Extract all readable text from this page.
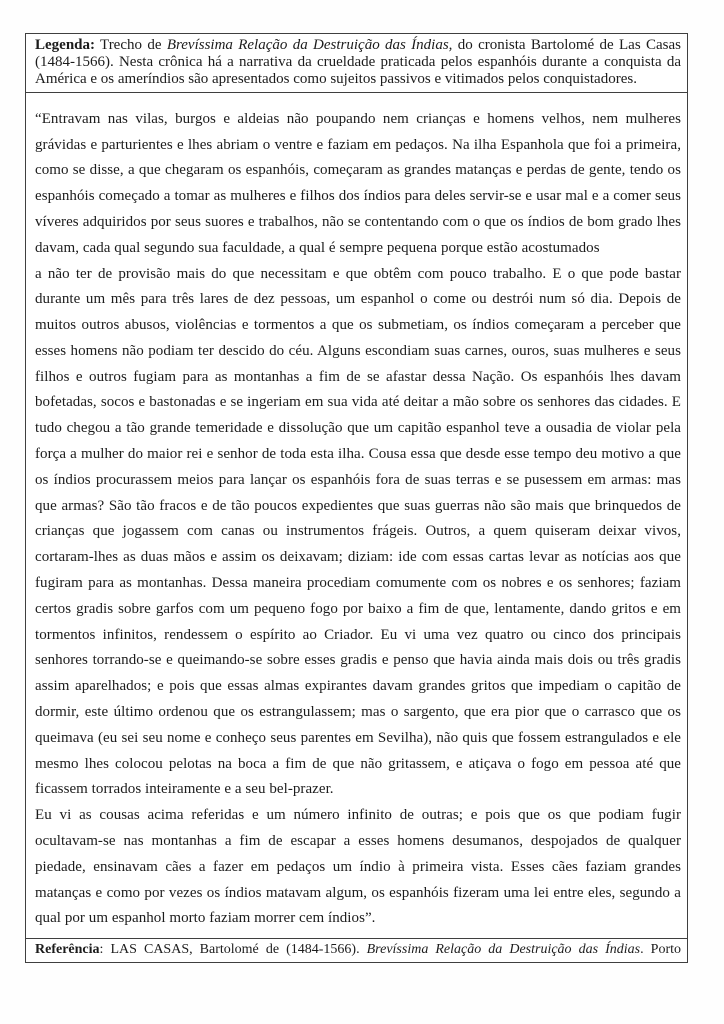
Legenda: Trecho de Brevíssima Relação da Destruição das Índias, do cronista Bartolomé de Las Casas (1484-1566). Nesta crônica há a narrativa da crueldade praticada pelos espanhóis durante a conquista da América e os ameríndios são apresentados como sujeitos passivos e vitimados pelos conquistadores.

“Entravam nas vilas, burgos e aldeias não poupando nem crianças e homens velhos, nem mulheres grávidas e parturientes e lhes abriam o ventre e faziam em pedaços. Na ilha Espanhola que foi a primeira, como se disse, a que chegaram os espanhóis, começaram as grandes matanças e perdas de gente, tendo os espanhóis começado a tomar as mulheres e filhos dos índios para deles servir-se e usar mal e a comer seus víveres adquiridos por seus suores e trabalhos, não se contentando com o que os índios de bom grado lhes davam, cada qual segundo sua faculdade, a qual é sempre pequena porque estão acostumados

a não ter de provisão mais do que necessitam e que obtêm com pouco trabalho. E o que pode bastar durante um mês para três lares de dez pessoas, um espanhol o come ou destrói num só dia. Depois de muitos outros abusos, violências e tormentos a que os submetiam, os índios começaram a perceber que esses homens não podiam ter descido do céu. Alguns escondiam suas carnes, ouros, suas mulheres e seus filhos e outros fugiam para as montanhas a fim de se afastar dessa Nação. Os espanhóis lhes davam bofetadas, socos e bastonadas e se ingeriam em sua vida até deitar a mão sobre os senhores das cidades. E tudo chegou a tão grande temeridade e dissolução que um capitão espanhol teve a ousadia de violar pela força a mulher do maior rei e senhor de toda esta ilha. Cousa essa que desde esse tempo deu motivo a que os índios procurassem meios para lançar os espanhóis fora de suas terras e se pusessem em armas: mas que armas? São tão fracos e de tão poucos expedientes que suas guerras não são mais que brinquedos de crianças que jogassem com canas ou instrumentos frágeis. Outros, a quem quiseram deixar vivos, cortaram-lhes as duas mãos e assim os deixavam; diziam: ide com essas cartas levar as notícias aos que fugiram para as montanhas. Dessa maneira procediam comumente com os nobres e os senhores; faziam certos gradis sobre garfos com um pequeno fogo por baixo a fim de que, lentamente, dando gritos e em tormentos infinitos, rendessem o espírito ao Criador. Eu vi uma vez quatro ou cinco dos principais senhores torrando-se e queimando-se sobre esses gradis e penso que havia ainda mais dois ou três gradis assim aparelhados; e pois que essas almas expirantes davam grandes gritos que impediam o capitão de dormir, este último ordenou que os estrangulassem; mas o sargento, que era pior que o carrasco que os queimava (eu sei seu nome e conheço seus parentes em Sevilha), não quis que fossem estrangulados e ele mesmo lhes colocou pelotas na boca a fim de que não gritassem, e atiçava o fogo em pessoa até que ficassem torrados inteiramente e a seu bel-prazer.

Eu vi as cousas acima referidas e um número infinito de outras; e pois que os que podiam fugir ocultavam-se nas montanhas a fim de escapar a esses homens desumanos, despojados de qualquer piedade, ensinavam cães a fazer em pedaços um índio à primeira vista. Esses cães faziam grandes matanças e como por vezes os índios matavam algum, os espanhóis fizeram uma lei entre eles, segundo a qual por um espanhol morto faziam morrer cem índios”.

Referência: LAS CASAS, Bartolomé de (1484-1566). Brevíssima Relação da Destruição das Índias. Porto
